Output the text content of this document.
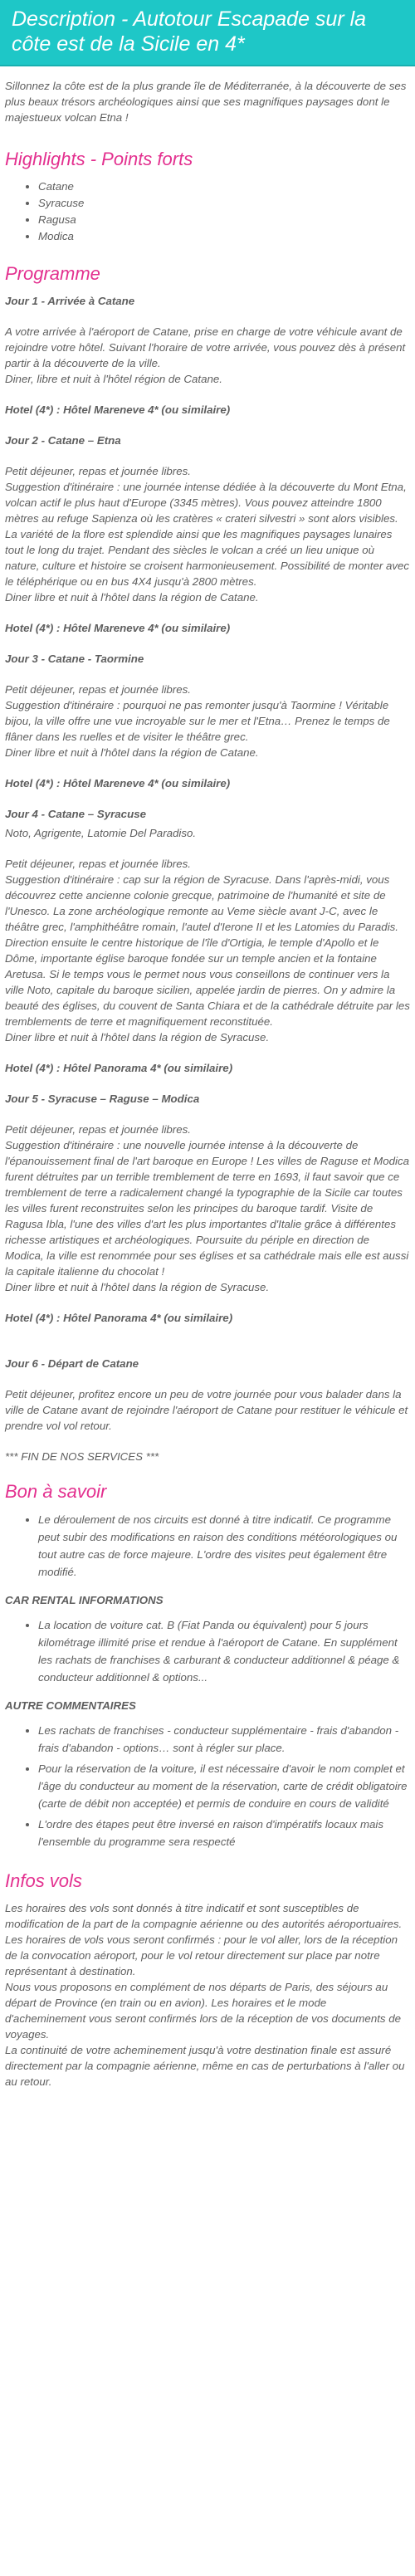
Description - Autotour Escapade sur la côte est de la Sicile en 4*

Sillonnez la côte est de la plus grande île de Méditerranée, à la découverte de ses plus beaux trésors archéologiques ainsi que ses magnifiques paysages dont le majestueux volcan Etna !

Highlights - Points forts
• Catane
• Syracuse
• Ragusa
• Modica
Programme
Jour 1 - Arrivée à Catane

A votre arrivée à l'aéroport de Catane, prise en charge de votre véhicule avant de rejoindre votre hôtel. Suivant l'horaire de votre arrivée, vous pouvez dès à présent partir à la découverte de la ville.

Diner, libre et nuit à l'hôtel région de Catane.

Hotel (4*) : Hôtel Mareneve 4* (ou similaire)
Jour 2 - Catane – Etna

Petit déjeuner, repas et journée libres.

Suggestion d'itinéraire : une journée intense dédiée à la découverte du Mont Etna, volcan actif le plus haut d'Europe (3345 mètres). Vous pouvez atteindre 1800 mètres au refuge Sapienza où les cratères « crateri silvestri » sont alors visibles. La variété de la flore est splendide ainsi que les magnifiques paysages lunaires tout le long du trajet. Pendant des siècles le volcan a créé un lieu unique où nature, culture et histoire se croisent harmonieusement. Possibilité de monter avec le téléphérique ou en bus 4X4 jusqu'à 2800 mètres.

Diner libre et nuit à l'hôtel dans la région de Catane.

Hotel (4*) : Hôtel Mareneve 4* (ou similaire)
Jour 3 - Catane - Taormine

Petit déjeuner, repas et journée libres.

Suggestion d'itinéraire : pourquoi ne pas remonter jusqu'à Taormine ! Véritable bijou, la ville offre une vue incroyable sur le mer et l'Etna… Prenez le temps de flâner dans les ruelles et de visiter le théâtre grec.

Diner libre et nuit à l'hôtel dans la région de Catane.

Hotel (4*) : Hôtel Mareneve 4* (ou similaire)
Jour 4 - Catane – Syracuse
Noto, Agrigente, Latomie Del Paradiso.

Petit déjeuner, repas et journée libres.

Suggestion d'itinéraire : cap sur la région de Syracuse. Dans l'après-midi, vous découvrez cette ancienne colonie grecque, patrimoine de l'humanité et site de l'Unesco. La zone archéologique remonte au Veme siècle avant J-C, avec le théâtre grec, l'amphithéâtre romain, l'autel d'Ierone II et les Latomies du Paradis. Direction ensuite le centre historique de l'île d'Ortigia, le temple d'Apollo et le Dôme, importante église baroque fondée sur un temple ancien et la fontaine Aretusa. Si le temps vous le permet nous vous conseillons de continuer vers la ville Noto, capitale du baroque sicilien, appelée jardin de pierres. On y admire la beauté des églises, du couvent de Santa Chiara et de la cathédrale détruite par les tremblements de terre et magnifiquement reconstituée.

Diner libre et nuit à l'hôtel dans la région de Syracuse.

Hotel (4*) : Hôtel Panorama 4* (ou similaire)
Jour 5 - Syracuse – Raguse – Modica

Petit déjeuner, repas et journée libres.

Suggestion d'itinéraire : une nouvelle journée intense à la découverte de l'épanouissement final de l'art baroque en Europe ! Les villes de Raguse et Modica furent détruites par un terrible tremblement de terre en 1693, il faut savoir que ce tremblement de terre a radicalement changé la typographie de la Sicile car toutes les villes furent reconstruites selon les principes du baroque tardif. Visite de Ragusa Ibla, l'une des villes d'art les plus importantes d'Italie grâce à différentes richesse artistiques et archéologiques. Poursuite du périple en direction de Modica, la ville est renommée pour ses églises et sa cathédrale mais elle est aussi la capitale italienne du chocolat !

Diner libre et nuit à l'hôtel dans la région de Syracuse.

Hotel (4*) : Hôtel Panorama 4* (ou similaire)
Jour 6 - Départ de Catane

Petit déjeuner, profitez encore un peu de votre journée pour vous balader dans la ville de Catane avant de rejoindre l'aéroport de Catane pour restituer le véhicule et prendre vol vol retour.

*** FIN DE NOS SERVICES ***
Bon à savoir
• Le déroulement de nos circuits est donné à titre indicatif. Ce programme peut subir des modifications en raison des conditions météorologiques ou tout autre cas de force majeure. L'ordre des visites peut également être modifié.
CAR RENTAL INFORMATIONS
• La location de voiture cat. B (Fiat Panda ou équivalent) pour 5 jours kilométrage illimité prise et rendue à l'aéroport de Catane. En supplément les rachats de franchises & carburant & conducteur additionnel & péage & conducteur additionnel & options...
AUTRE COMMENTAIRES
• Les rachats de franchises - conducteur supplémentaire - frais d'abandon - frais d'abandon - options… sont à régler sur place.
• Pour la réservation de la voiture, il est nécessaire d'avoir le nom complet et l'âge du conducteur au moment de la réservation, carte de crédit obligatoire (carte de débit non acceptée) et permis de conduire en cours de validité
• L'ordre des étapes peut être inversé en raison d'impératifs locaux mais l'ensemble du programme sera respecté
Infos vols

Les horaires des vols sont donnés à titre indicatif et sont susceptibles de modification de la part de la compagnie aérienne ou des autorités aéroportuaires.

Les horaires de vols vous seront confirmés : pour le vol aller, lors de la réception de la convocation aéroport, pour le vol retour directement sur place par notre représentant à destination.

Nous vous proposons en complément de nos départs de Paris, des séjours au départ de Province (en train ou en avion). Les horaires et le mode d'acheminement vous seront confirmés lors de la réception de vos documents de voyages.

La continuité de votre acheminement jusqu'à votre destination finale est assuré directement par la compagnie aérienne, même en cas de perturbations à l'aller ou au retour.
